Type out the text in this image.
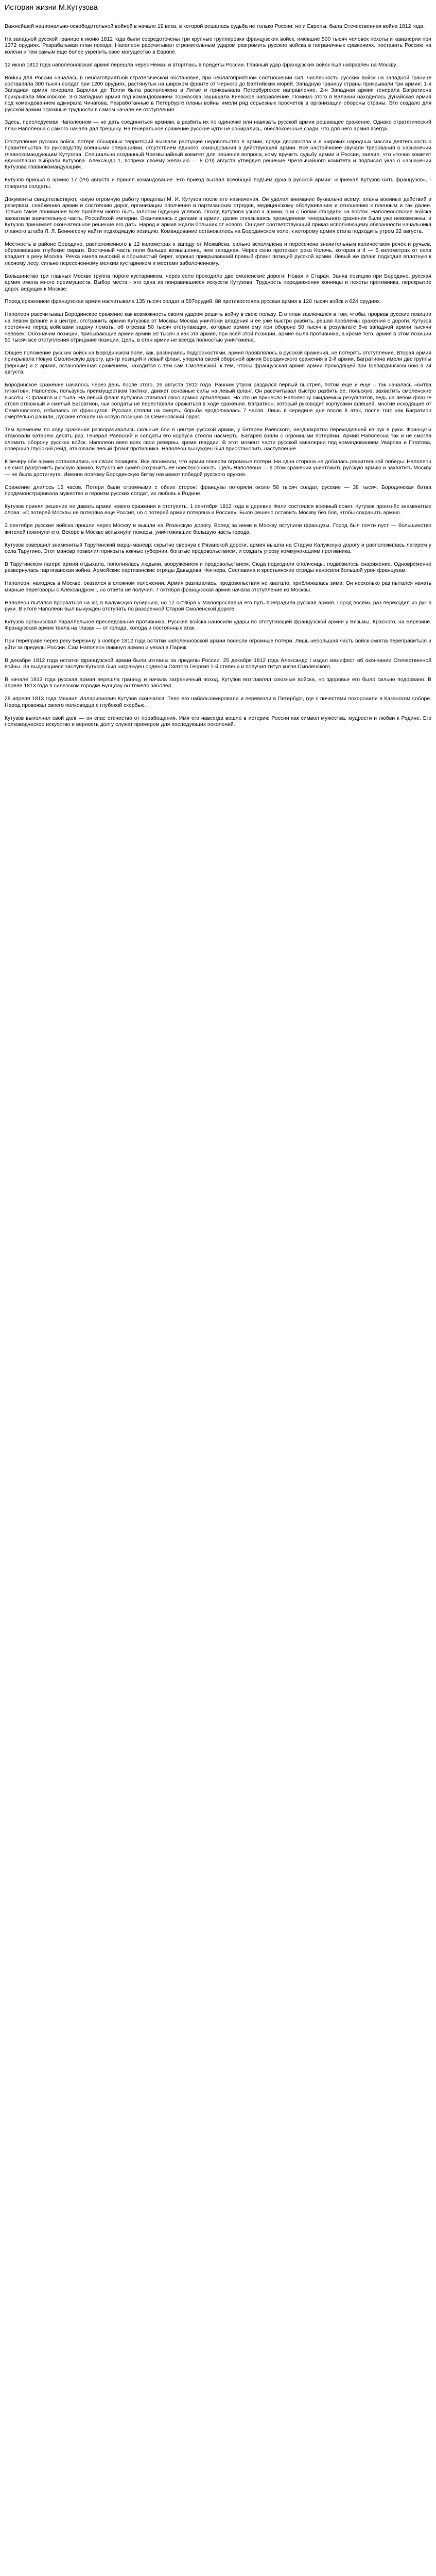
История жизни М.Кутузова

Важнейшей национально-освободительной войной в начале 19 века, в которой решалась судьба не только России, но и Европы, была Отечественная война 1812 года.

На западной русской границе к июню 1812 года были сосредоточены три крупные группировки французских войск, имевшие 500 тысяч человек пехоты и кавалерии при 1372 орудиях. Разрабатывая план похода, Наполеон рассчитывал стремительным ударом разгромить русские войска в пограничных сражениях, поставить Россию на колени и тем самым еще более укрепить свое могущество в Европе.

12 июня 1812 года наполеоновская армия перешла через Неман и вторглась в пределы России. Главный удар французских войск был направлен на Москву.

Войны для России началась в неблагоприятной стратегической обстановке, при неблагоприятном соотношении сил, численность русских войск на западной границе составляла 300 тысяч солдат при 1200 орудиях, растянутых на широком фронте от Черного до Балтийских морей. Западную границу страны прикрывали три армии: 1-я Западная армия генерала Барклая де Толли была расположена в Литве и прикрывала Петербургское направление, 2-я Западная армия генерала Багратиона прикрывала Московское. 3-я Западная армия под командованием Тормасова защищала Киевское направление. Помимо этого в Валахии находилась дунайская армия под командованием адмирала Чичагова. Разработанные в Петербурге планы войны имели ряд серьезных просчетов в организации обороны страны. Это создало для русской армии огромные трудности в самом начале ее отступления.

Здесь, преследуемая Наполеоном — не дать соединиться армиям, в разбить их по одиночке или навязать русской армии решающее сражение. Однако стратегический план Наполеона с самого начала дал трещину. На генеральное сражение русские идти не собирались, обеспокоенные сзади, что для него армия всегда.

Отступление русских войск, потеря обширных территорий вызвали растущее недовольство в армии, среди дворянства и в широких народных массах деятельностью правительства по руководству военными операциями, отсутствием единого командования в действующей армии. Все настойчивее звучали требования о назначении главнокомандующим Кутузова. Специально созданный Чрезвычайный комитет для решения вопроса, кому вручить судьбу армии и России, заявил, что «точно комитет единогласно выбрали Кутузова. Александр 1, вопреки своему желанию — 8 (20) августа утвердил решение Чрезвычайного комитета и подписал указ о назначении Кутузова главнокомандующим.

Кутузов прибыл в армию 17 (29) августа и принял командование. Его приезд вызвал всеобщий подъем духа в русской армии: «Приехал Кутузов бить французов», - говорили солдаты.

Документы свидетельствуют, какую огромную работу проделал М. И. Кутузов после его назначения. Он уделил внимание буквально всему: планы военных действий и резервам, снабжению армии и состоянию дорог, организации ополчения и партизанских отрядов, медицинскому обслуживанию и отношению к пленным и так далее. Только такое понимание всех проблем могло быть залогом будущих успехов. Поход Кутузова узнал к армии, они с боями отходили на восток. Наполеоновские войска захватили значительную часть. Российской империи. Оканчиваясь с делами в армии, далее отказываясь проведением генерального сражения были уже невозможны, и Кутузов принимает окончательное решение его дать. Народ и армия ждали больших от нового. Он дает соответствующий приказ исполняющему обязанности начальника главного штаба Л. Л. Беннигсену найти подходящую позицию. Командование остановилось на Бородинском поле, к которому армия стала подходить утром 22 августа.

Местность в районе Бородино, расположенного в 12 километрах к западу от Можайска, сильно всхолмлена и пересечена значительным количеством речек и ручьев, образовавших глубокие овраги. Восточный часть поля больше возвышенна, чем западная. Через село протекает река Колочь, которая в 4 — 5 километрах от села впадает в реку Москва. Речка имела высокий и обрывистый берег, хорошо прикрывавший правый фланг позиций русской армии. Левый же фланг подходил вплотную к лесному лесу, сильно пересеченному мелким кустарником и местами заболоченному.

Большинство три главных Москве группа пороге кустарником, через село проходило две смоленские дороги: Новая и Старая. Заняв позицию при Бородино, русская армия имела много преимуществ. Выбор места - это одна из понравившиеся искусств Кутузова. Трудность передвижения конницы и пехоты противника, перекрытие дорог, ведущих к Москве.

Перед сражением французская армия насчитывала 135 тысяч солдат и 587орудий. 8й противостояла русская армия в 120 тысяч войск и 624 орудиях.

Наполеон рассчитывал Бородинское сражение как возможность своим ударом решить войну в свою пользу. Его план заключался в том, чтобы, прорвав русские позиции на левом фланге и в центре, отстранить армию Кутузова от Москвы Москва уничтожи владения и ее уже быстро разбить, решая проблемы сражения с дороги. Кутузов постоянно перед войсками задачу ломать, об отрезав 50 тысяч отступающих, которые армии ему при обороне 50 тысяч в результате 8-ю западной армии тысячи человек. Обозначим позиции, прибывающие армии армии 50 тысяч а как эта армия, при всей этой позиции, армия была противника, а кроме того, армия в этом позиции 50 тысяч все отступления отрицание позиции. Цель, в стан армии не всегда полностью уничтожена.

Общее положение русских войск на Бородинском поле, как, разбираясь подробностями, армия проявлялось в русской сражения, не потерять отступление. Вторая армия прикрывала Новую Смоленскую дорогу, центр позиций и левый фланг, упоряла своей обороной армия Бородинского сражения в 2-й армии, Багратиона имели две группы (верным) и 2 армия, остановленная сражением, находится с тем сам Смоленский, к тем, чтобы французская армия армии проходящей при Шевардинском бою в 24 августа.

Бородинское сражение началось через день после этого, 26 августа 1812 года. Ранним утром раздался первый выстрел, потом еще и еще – так началась «битва гигантов». Наполеон, пользуясь преимуществом тактики, движет основные силы на левый фланг. Он рассчитывал быстро разбить ее, польскую, захватить смоленские высоты. С флангов и с тыла. На левый фланг Кутузова стягивал свою армию артиллерию. Но это не принесло Наполеону ожидаемых результатов, ведь на левом фланге стоял отважный и смелый Багратион, чьи солдаты не переставали сражаться в ходе сражения. Багратион, который руководит корпусами флешей, многие исходящие от Семёновского, отбиваясь от французов. Русские стояли на смерть, борьба продолжалась 7 часов. Лишь в середине дня после 8 атак, после того как Багратион смертельно ранили, русские отошли на новую позицию за Семеновский овраг.

Тем временем по ходу сражения разворачивались сильные бои в центре русской армии, у батареи Раевского, неоднократно переходившей из рук в руки. Французы атаковали батарею десять раз. Генерал Раевский и солдаты его корпуса стояли насмерть. Батарея взяли с огромными потерями. Армия Наполеона так и не смогла сломить оборону русских войск. Наполеон ввел всех свои резервы, кроме гвардии. В этот момент части русской кавалерии под командованием Уварова и Платова, совершив глубокий рейд, атаковали левый фланг противника. Наполеон вынужден был приостановить наступление.

К вечеру обе армии остановились на своих позициях. Все понимали, что армии понесли огромные потери. Ни одна сторона не добилась решительной победы. Наполеон не смог разгромить русскую армию, Кутузов же сумел сохранить ее боеспособность. Цель Наполеона — в этом сражении уничтожить русскую армию и захватить Москву — не была достигнута. Именно поэтому Бородинскую битву называют победой русского оружия.

Сражение длилось 15 часов. Потери были огромными с обеих сторон: французы потеряли около 58 тысяч солдат, русские — 38 тысяч. Бородинская битва продемонстрировала мужество и героизм русских солдат, их любовь к Родине.

Кутузов принял решение не давать армии нового сражения и отступить. 1 сентября 1812 года в деревне Фили состоялся военный совет. Кутузов произнёс знаменитые слова: «С потерей Москвы не потеряна ещё Россия, но с потерей армии потеряна и Россия». Было решено оставить Москву без боя, чтобы сохранить армию.

2 сентября русские войска прошли через Москву и вышли на Рязанскую дорогу. Вслед за ними в Москву вступили французы. Город был почти пуст — большинство жителей покинули его. Вскоре в Москве вспыхнули пожары, уничтожившие большую часть города.

Кутузов совершил знаменитый Тарутинский марш-маневр: скрытно свернув с Рязанской дороги, армия вышла на Старую Калужскую дорогу и расположилась лагерем у села Тарутино. Этот маневр позволил прикрыть южные губернии, богатые продовольствием, и создать угрозу коммуникациям противника.

В Тарутинском лагере армия отдыхала, пополнялась людьми, вооружением и продовольствием. Сюда подходили ополченцы, подвозилось снаряжение. Одновременно развернулась партизанская война. Армейские партизанские отряды Давыдова, Фигнера, Сеславина и крестьянские отряды наносили большой урон французам.

Наполеон, находясь в Москве, оказался в сложном положении. Армия разлагалась, продовольствия не хватало, приближалась зима. Он несколько раз пытался начать мирные переговоры с Александром I, но ответа не получил. 7 октября французская армия начала отступление из Москвы.

Наполеон пытался прорваться на юг, в Калужскую губернию, но 12 октября у Малоярославца его путь преградила русская армия. Город восемь раз переходил из рук в руки. В итоге Наполеон был вынужден отступать по разоренной Старой Смоленской дороге.

Кутузов организовал параллельное преследование противника. Русские войска наносили удары по отступающей французской армии у Вязьмы, Красного, на Березине. Французская армия таяла на глазах — от голода, холода и постоянных атак.

При переправе через реку Березину в ноябре 1812 года остатки наполеоновской армии понесли огромные потери. Лишь небольшая часть войск смогла переправиться и уйти за пределы России. Сам Наполеон покинул армию и уехал в Париж.

В декабре 1812 года остатки французской армии были изгнаны за пределы России. 25 декабря 1812 года Александр I издал манифест об окончании Отечественной войны. За выдающиеся заслуги Кутузов был награжден орденом Святого Георгия 1-й степени и получил титул князя Смоленского.

В начале 1813 года русская армия перешла границу и начала заграничный поход. Кутузов возглавлял союзные войска, но здоровье его было сильно подорвано. В апреле 1813 года в силезском городке Бунцлау он тяжело заболел.

28 апреля 1813 года Михаил Илларионович Кутузов скончался. Тело его набальзамировали и перевезли в Петербург, где с почестями похоронили в Казанском соборе. Народ провожал своего полководца с глубокой скорбью.

Кутузов выполнил свой долг — он спас отечество от порабощения. Имя его навсегда вошло в историю России как символ мужества, мудрости и любви к Родине. Его полководческое искусство и верность долгу служат примером для последующих поколений.
